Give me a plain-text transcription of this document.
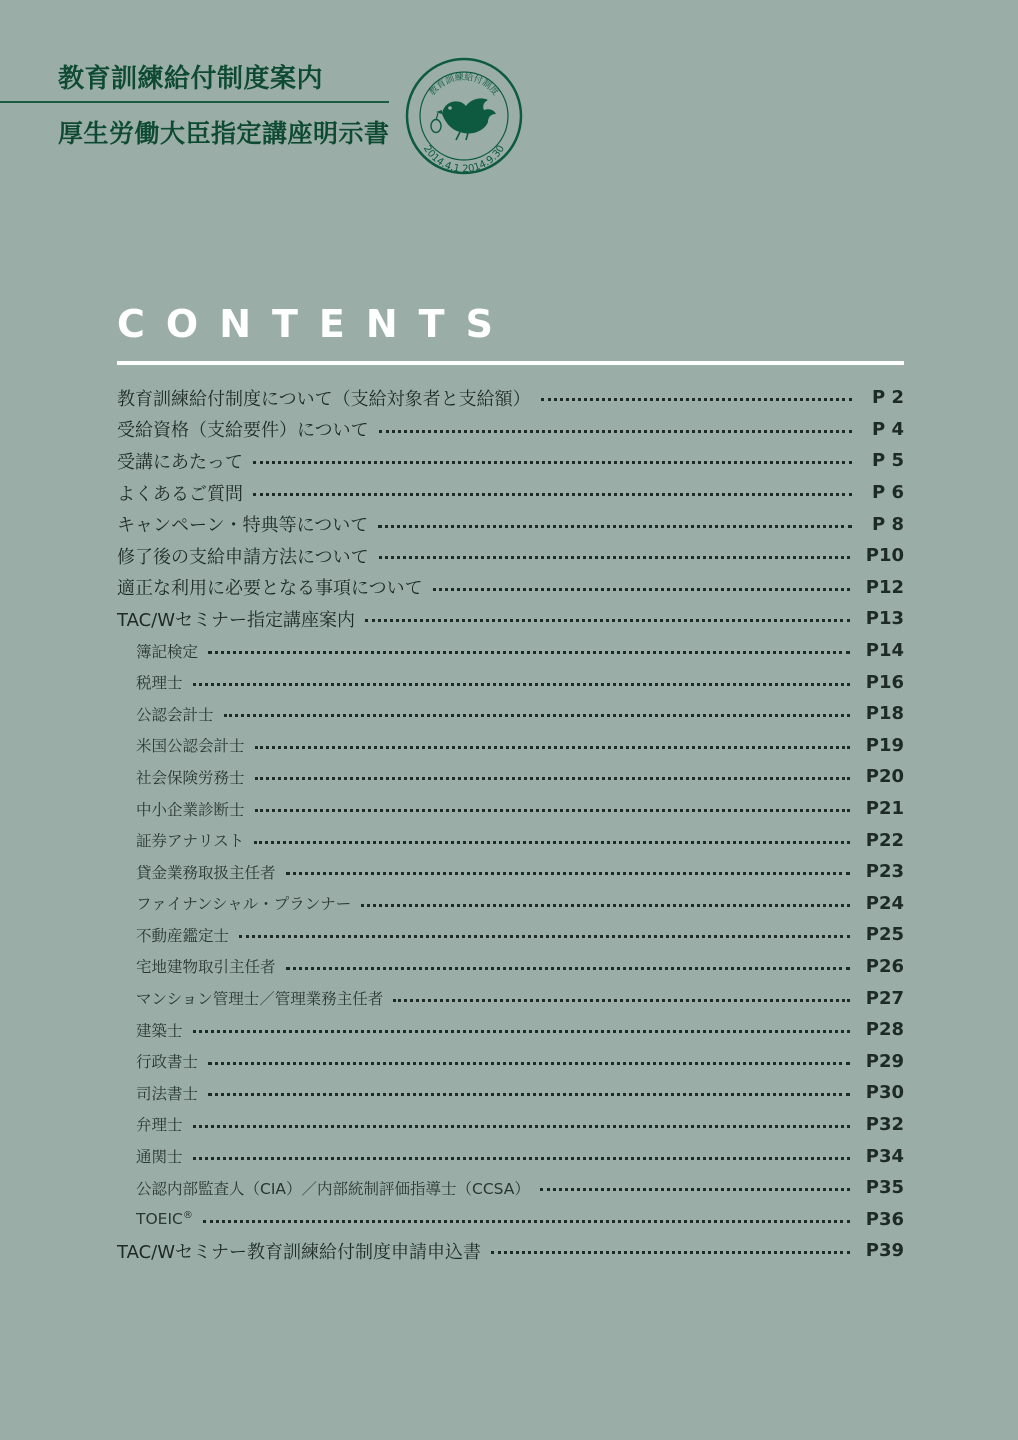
教育訓練給付制度案内
厚生労働大臣指定講座明示書
教育訓練給付制度
2014.4.1 2014.9.30
CONTENTS
教育訓練給付制度について（支給対象者と支給額）	P 2
受給資格（支給要件）について	P 4
受講にあたって	P 5
よくあるご質問	P 6
キャンペーン・特典等について	P 8
修了後の支給申請方法について	P10
適正な利用に必要となる事項について	P12
TAC/Wセミナー指定講座案内	P13
簿記検定	P14
税理士	P16
公認会計士	P18
米国公認会計士	P19
社会保険労務士	P20
中小企業診断士	P21
証券アナリスト	P22
貸金業務取扱主任者	P23
ファイナンシャル・プランナー	P24
不動産鑑定士	P25
宅地建物取引主任者	P26
マンション管理士／管理業務主任者	P27
建築士	P28
行政書士	P29
司法書士	P30
弁理士	P32
通関士	P34
公認内部監査人（CIA）／内部統制評価指導士（CCSA）	P35
TOEIC®	P36
TAC/Wセミナー教育訓練給付制度申請申込書	P39
